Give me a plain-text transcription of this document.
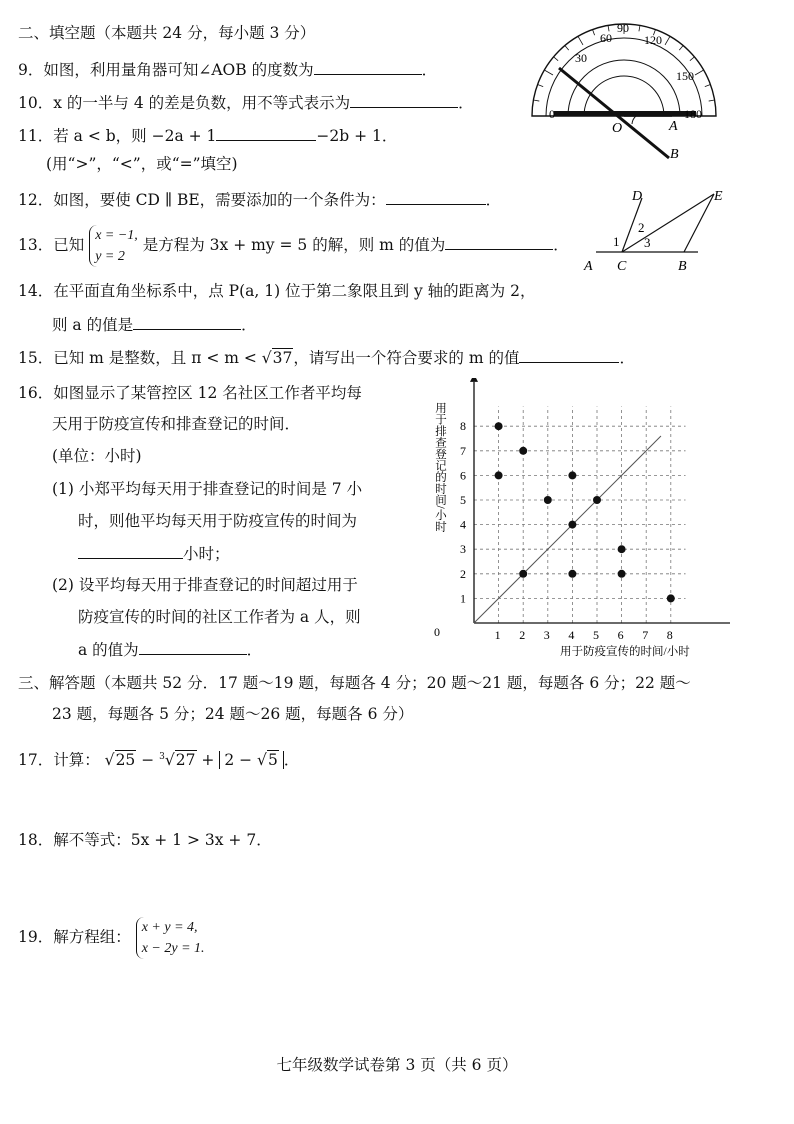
二、填空题（本题共 24 分，每小题 3 分）
9．如图，利用量角器可知∠AOB 的度数为	．
10．x 的一半与 4 的差是负数，用不等式表示为	．
11．若 a < b，则 −2a + 1	−2b + 1．
(用“>”，“<”，或“=”填空)
12．如图，要使 CD ∥ BE，需要添加的一个条件为：	．
13．已知 x = −1,
y = 2 是方程为 3x + my = 5 的解，则 m 的值为	．
14．在平面直角坐标系中，点 P(a, 1) 位于第二象限且到 y 轴的距离为 2，
则 a 的值是	．
15．已知 m 是整数，且 π < m < √37，请写出一个符合要求的 m 的值	．
16．如图显示了某管控区 12 名社区工作者平均每
天用于防疫宣传和排查登记的时间．
(单位：小时)
(1) 小郑平均每天用于排查登记的时间是 7 小
时，则他平均每天用于防疫宣传的时间为
小时；
(2) 设平均每天用于排查登记的时间超过用于
防疫宣传的时间的社区工作者为 a 人，则
a 的值为	．
三、解答题（本题共 52 分．17 题～19 题，每题各 4 分；20 题～21 题，每题各 6 分；22 题～
23 题，每题各 5 分；24 题～26 题，每题各 6 分）
17．计算： √25 − $^3$√27 + 2 − √5 ．
18．解不等式：5x + 1 > 3x + 7．
19．解方程组： x + y = 4,
x − 2y = 1.
七年级数学试卷第 3 页（共 6 页）
30
0
60
90
120
150
180
O	A
B
D	E
A C	B
1
2
3
1 2 3 4 5 6 7 8
1
2
3
4
5
6
7
8
0
用于防疫宣传的时间/小时
用于排查登记的时间/小时
